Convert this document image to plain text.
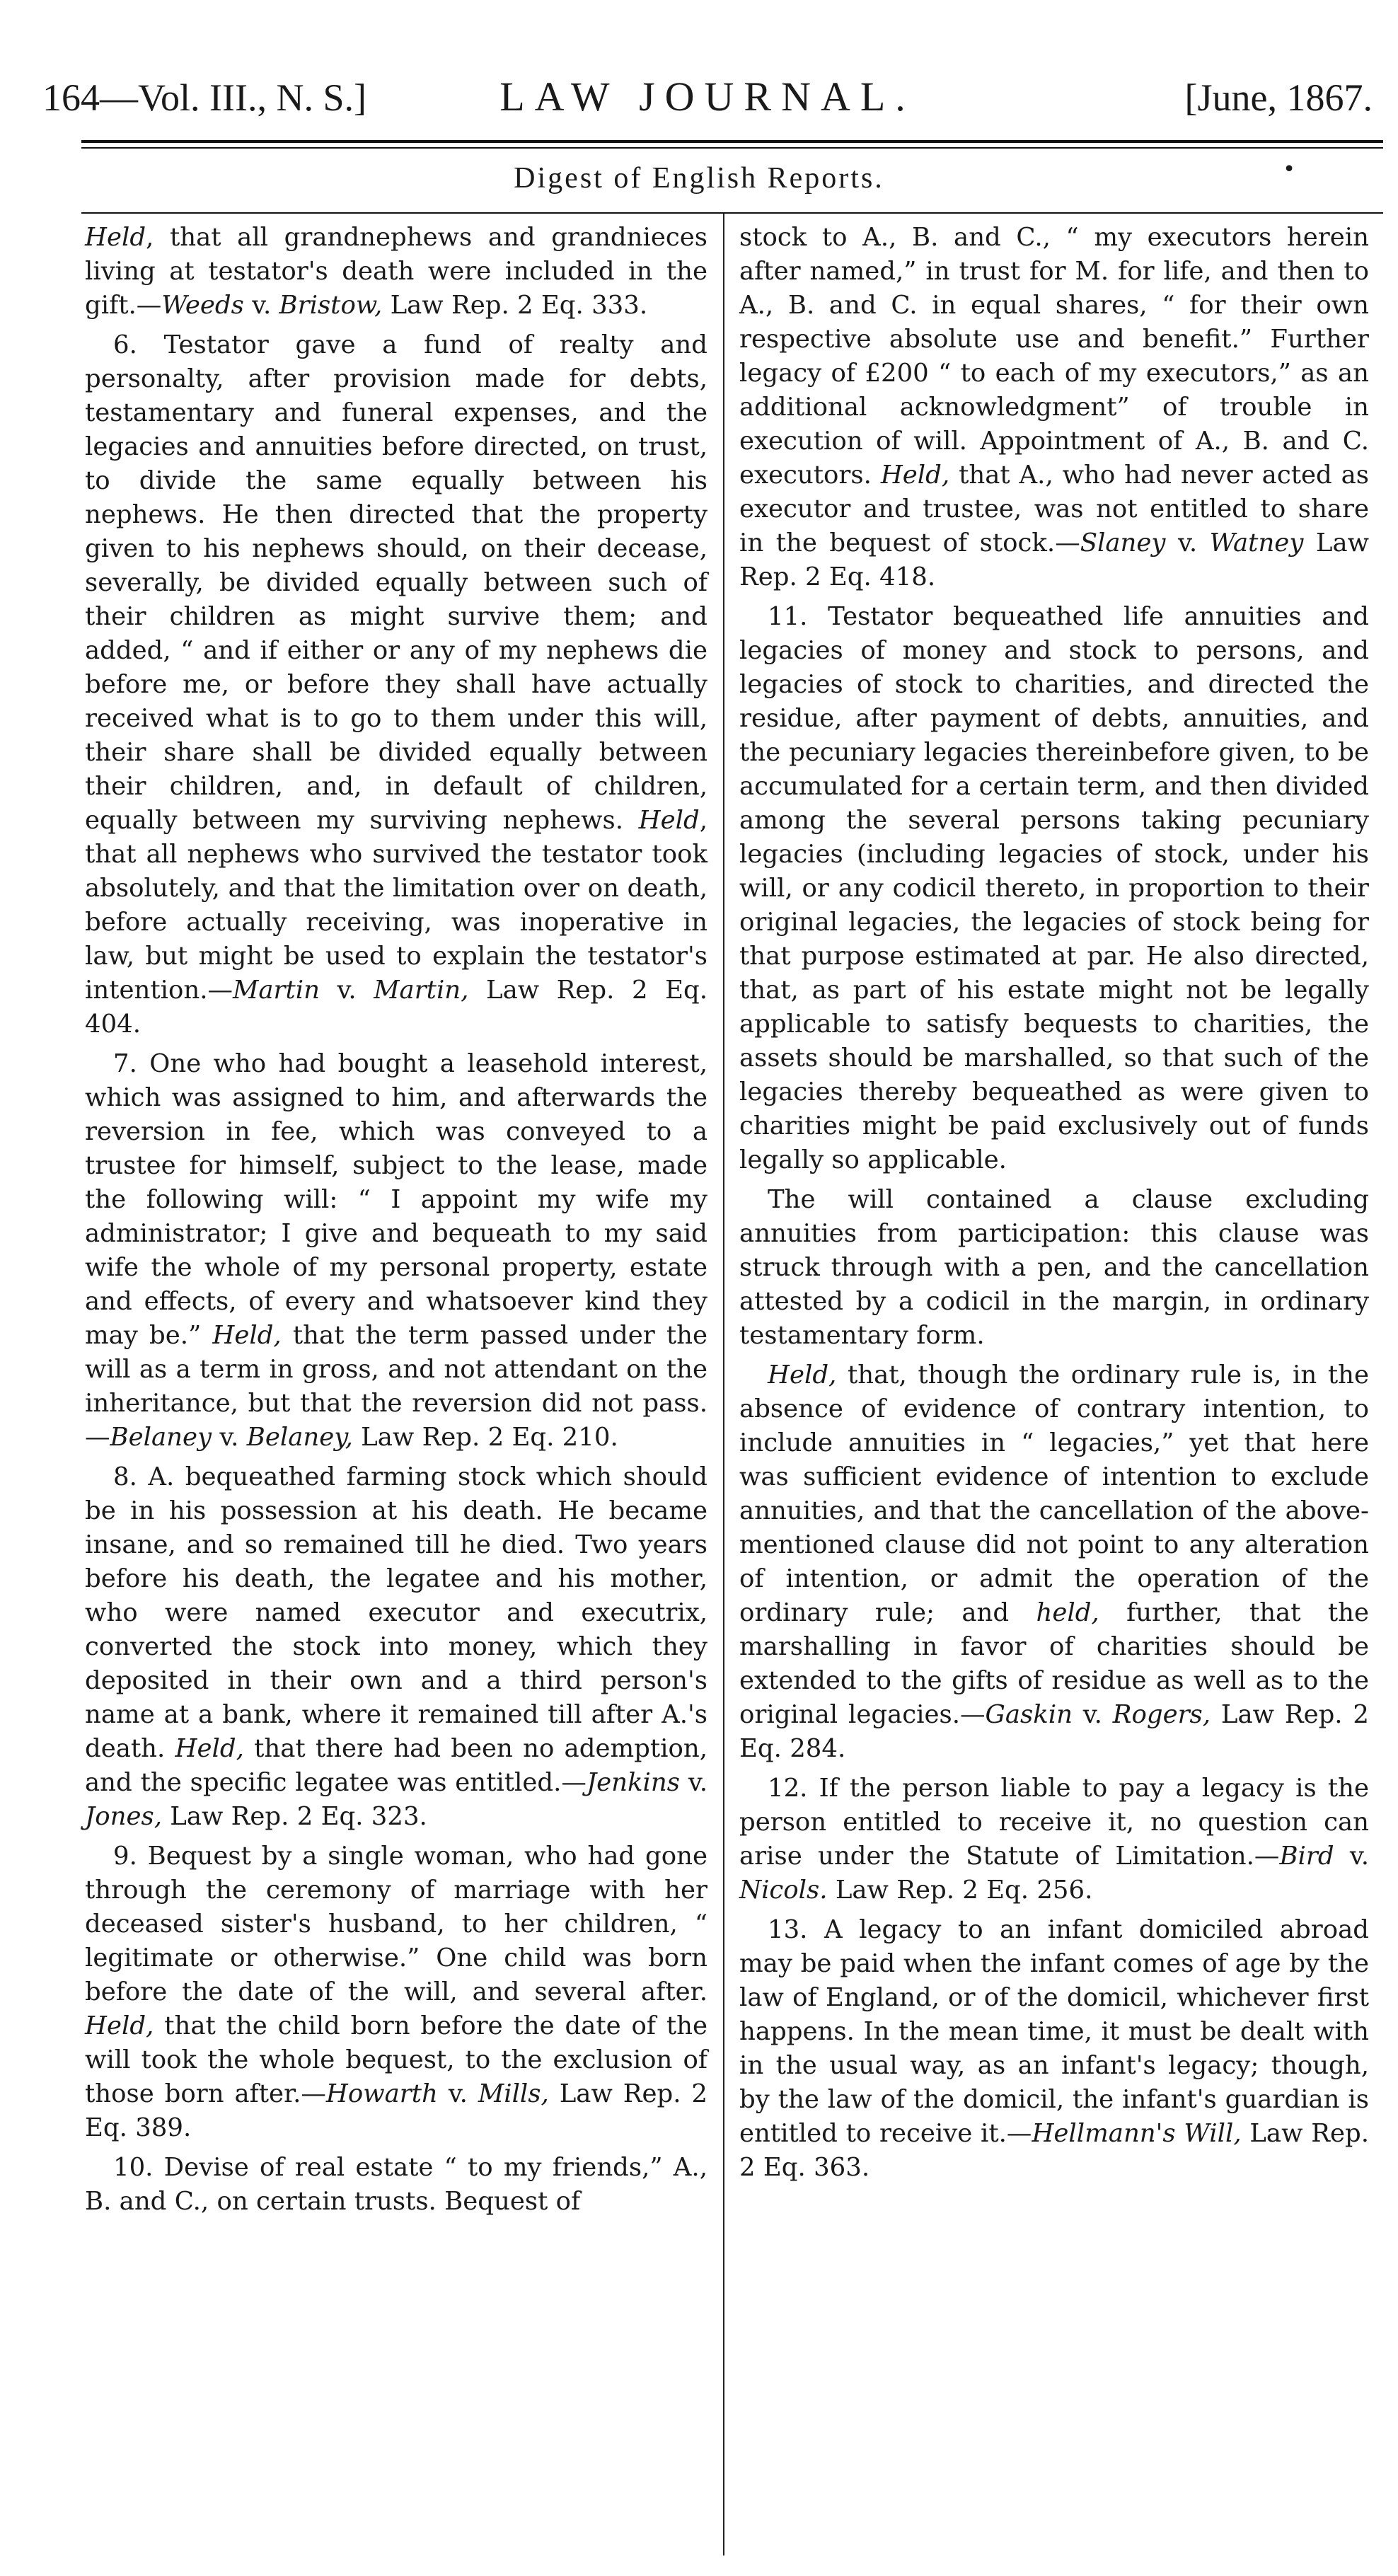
164—Vol. III., N. S.]	LAW JOURNAL.	[June, 1867.
Digest of English Reports.	•

Held, that all grandnephews and grandnieces living at testator's death were included in the gift.—Weeds v. Bristow, Law Rep. 2 Eq. 333.

6. Testator gave a fund of realty and personalty, after provision made for debts, testamentary and funeral expenses, and the legacies and annuities before directed, on trust, to divide the same equally between his nephews. He then directed that the property given to his nephews should, on their decease, severally, be divided equally between such of their children as might survive them; and added, “ and if either or any of my nephews die before me, or before they shall have actually received what is to go to them under this will, their share shall be divided equally between their children, and, in default of children, equally between my surviving nephews. Held, that all nephews who survived the testator took absolutely, and that the limitation over on death, before actually receiving, was inoperative in law, but might be used to explain the testator's intention.—Martin v. Martin, Law Rep. 2 Eq. 404.

7. One who had bought a leasehold interest, which was assigned to him, and afterwards the reversion in fee, which was conveyed to a trustee for himself, subject to the lease, made the following will: “ I appoint my wife my administrator; I give and bequeath to my said wife the whole of my personal property, estate and effects, of every and whatsoever kind they may be.” Held, that the term passed under the will as a term in gross, and not attendant on the inheritance, but that the reversion did not pass. —Belaney v. Belaney, Law Rep. 2 Eq. 210.

8. A. bequeathed farming stock which should be in his possession at his death. He became insane, and so remained till he died. Two years before his death, the legatee and his mother, who were named executor and executrix, converted the stock into money, which they deposited in their own and a third person's name at a bank, where it remained till after A.'s death. Held, that there had been no ademption, and the specific legatee was entitled.—Jenkins v. Jones, Law Rep. 2 Eq. 323.

9. Bequest by a single woman, who had gone through the ceremony of marriage with her deceased sister's husband, to her children, “ legitimate or otherwise.” One child was born before the date of the will, and several after. Held, that the child born before the date of the will took the whole bequest, to the exclusion of those born after.—Howarth v. Mills, Law Rep. 2 Eq. 389.

10. Devise of real estate “ to my friends,” A., B. and C., on certain trusts. Bequest of

stock to A., B. and C., “ my executors herein after named,” in trust for M. for life, and then to A., B. and C. in equal shares, “ for their own respective absolute use and benefit.” Further legacy of £200 “ to each of my executors,” as an additional acknowledgment” of trouble in execution of will. Appointment of A., B. and C. executors. Held, that A., who had never acted as executor and trustee, was not entitled to share in the bequest of stock.—Slaney v. Watney Law Rep. 2 Eq. 418.

11. Testator bequeathed life annuities and legacies of money and stock to persons, and legacies of stock to charities, and directed the residue, after payment of debts, annuities, and the pecuniary legacies thereinbefore given, to be accumulated for a certain term, and then divided among the several persons taking pecuniary legacies (including legacies of stock, under his will, or any codicil thereto, in proportion to their original legacies, the legacies of stock being for that purpose estimated at par. He also directed, that, as part of his estate might not be legally applicable to satisfy bequests to charities, the assets should be marshalled, so that such of the legacies thereby bequeathed as were given to charities might be paid exclusively out of funds legally so applicable.

The will contained a clause excluding annuities from participation: this clause was struck through with a pen, and the cancellation attested by a codicil in the margin, in ordinary testamentary form.

Held, that, though the ordinary rule is, in the absence of evidence of contrary intention, to include annuities in “ legacies,” yet that here was sufficient evidence of intention to exclude annuities, and that the cancellation of the above-mentioned clause did not point to any alteration of intention, or admit the operation of the ordinary rule; and held, further, that the marshalling in favor of charities should be extended to the gifts of residue as well as to the original legacies.—Gaskin v. Rogers, Law Rep. 2 Eq. 284.

12. If the person liable to pay a legacy is the person entitled to receive it, no question can arise under the Statute of Limitation.—Bird v. Nicols. Law Rep. 2 Eq. 256.

13. A legacy to an infant domiciled abroad may be paid when the infant comes of age by the law of England, or of the domicil, whichever first happens. In the mean time, it must be dealt with in the usual way, as an infant's legacy; though, by the law of the domicil, the infant's guardian is entitled to receive it.—Hellmann's Will, Law Rep. 2 Eq. 363.
